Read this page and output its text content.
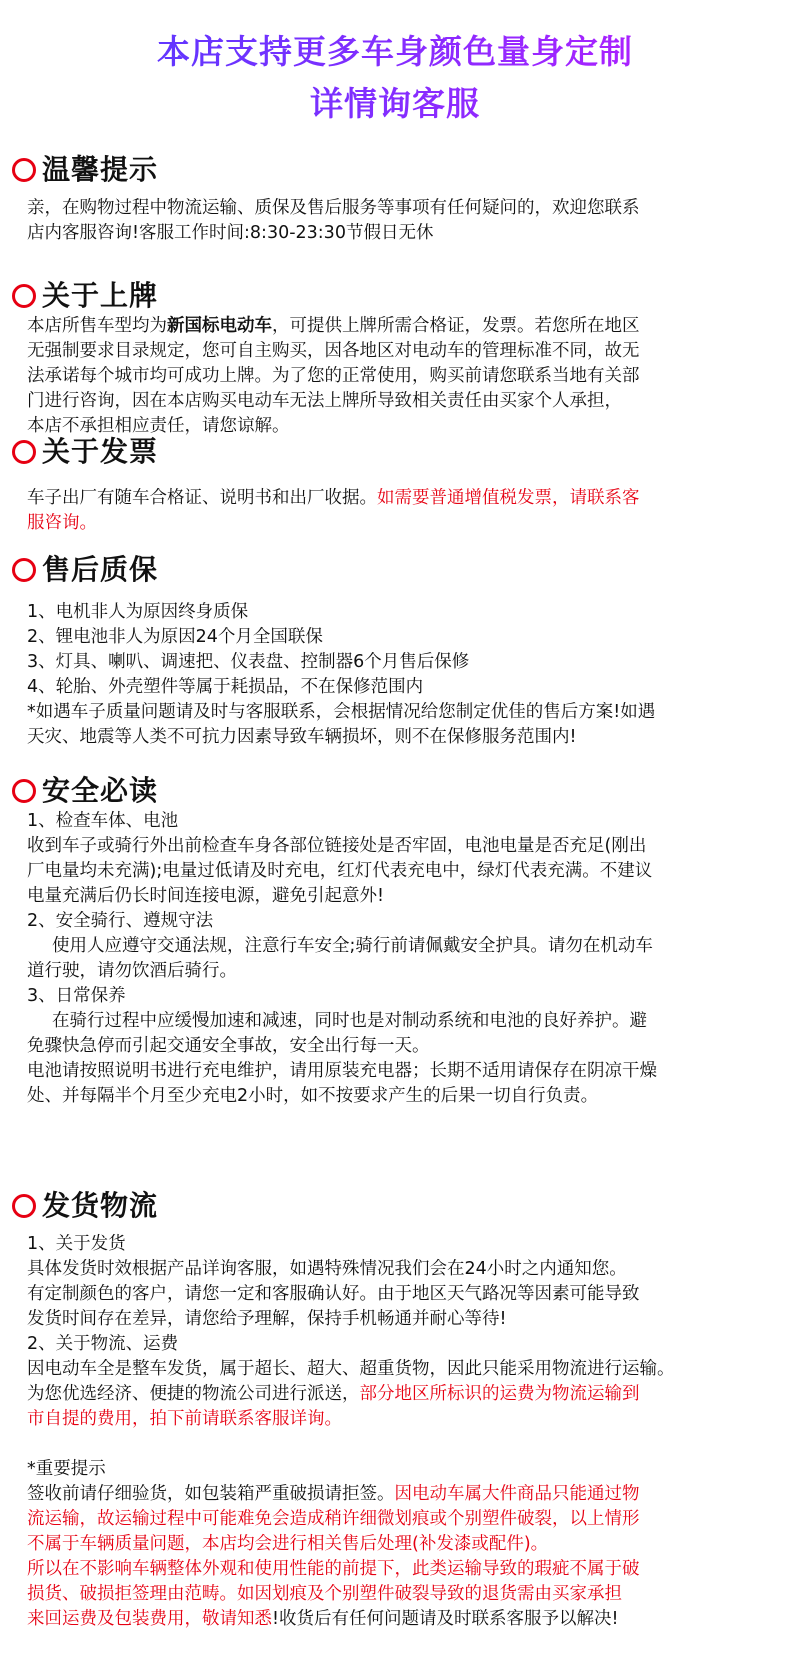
本店支持更多车身颜色量身定制
详情询客服
温馨提示

亲，在购物过程中物流运输、质保及售后服务等事项有任何疑问的，欢迎您联系

店内客服咨询!客服工作时间:8:30-23:30节假日无休

关于上牌

本店所售车型均为新国标电动车，可提供上牌所需合格证，发票。若您所在地区

无强制要求目录规定，您可自主购买，因各地区对电动车的管理标准不同，故无

法承诺每个城市均可成功上牌。为了您的正常使用，购买前请您联系当地有关部

门进行咨询，因在本店购买电动车无法上牌所导致相关责任由买家个人承担，

本店不承担相应责任，请您谅解。

关于发票

车子出厂有随车合格证、说明书和出厂收据。如需要普通增值税发票，请联系客

服咨询。

售后质保

1、电机非人为原因终身质保

2、锂电池非人为原因24个月全国联保

3、灯具、喇叭、调速把、仪表盘、控制器6个月售后保修

4、轮胎、外壳塑件等属于耗损品，不在保修范围内

*如遇车子质量问题请及时与客服联系，会根据情况给您制定优佳的售后方案!如遇

天灾、地震等人类不可抗力因素导致车辆损坏，则不在保修服务范围内!

安全必读

1、检查车体、电池

收到车子或骑行外出前检查车身各部位链接处是否牢固，电池电量是否充足(刚出

厂电量均未充满);电量过低请及时充电，红灯代表充电中，绿灯代表充满。不建议

电量充满后仍长时间连接电源，避免引起意外!

2、安全骑行、遵规守法

使用人应遵守交通法规，注意行车安全;骑行前请佩戴安全护具。请勿在机动车

道行驶，请勿饮酒后骑行。

3、日常保养

在骑行过程中应缓慢加速和减速，同时也是对制动系统和电池的良好养护。避

免骤快急停而引起交通安全事故，安全出行每一天。

电池请按照说明书进行充电维护，请用原装充电器；长期不适用请保存在阴凉干燥

处、并每隔半个月至少充电2小时，如不按要求产生的后果一切自行负责。

发货物流

1、关于发货

具体发货时效根据产品详询客服，如遇特殊情况我们会在24小时之内通知您。

有定制颜色的客户，请您一定和客服确认好。由于地区天气路况等因素可能导致

发货时间存在差异，请您给予理解，保持手机畅通并耐心等待!

2、关于物流、运费

因电动车全是整车发货，属于超长、超大、超重货物，因此只能采用物流进行运输。

为您优选经济、便捷的物流公司进行派送，部分地区所标识的运费为物流运输到

市自提的费用，拍下前请联系客服详询。

*重要提示

签收前请仔细验货，如包装箱严重破损请拒签。因电动车属大件商品只能通过物

流运输，故运输过程中可能难免会造成稍许细微划痕或个别塑件破裂，以上情形

不属于车辆质量问题，本店均会进行相关售后处理(补发漆或配件)。

所以在不影响车辆整体外观和使用性能的前提下，此类运输导致的瑕疵不属于破

损货、破损拒签理由范畴。如因划痕及个别塑件破裂导致的退货需由买家承担

来回运费及包装费用，敬请知悉!收货后有任何问题请及时联系客服予以解决!
